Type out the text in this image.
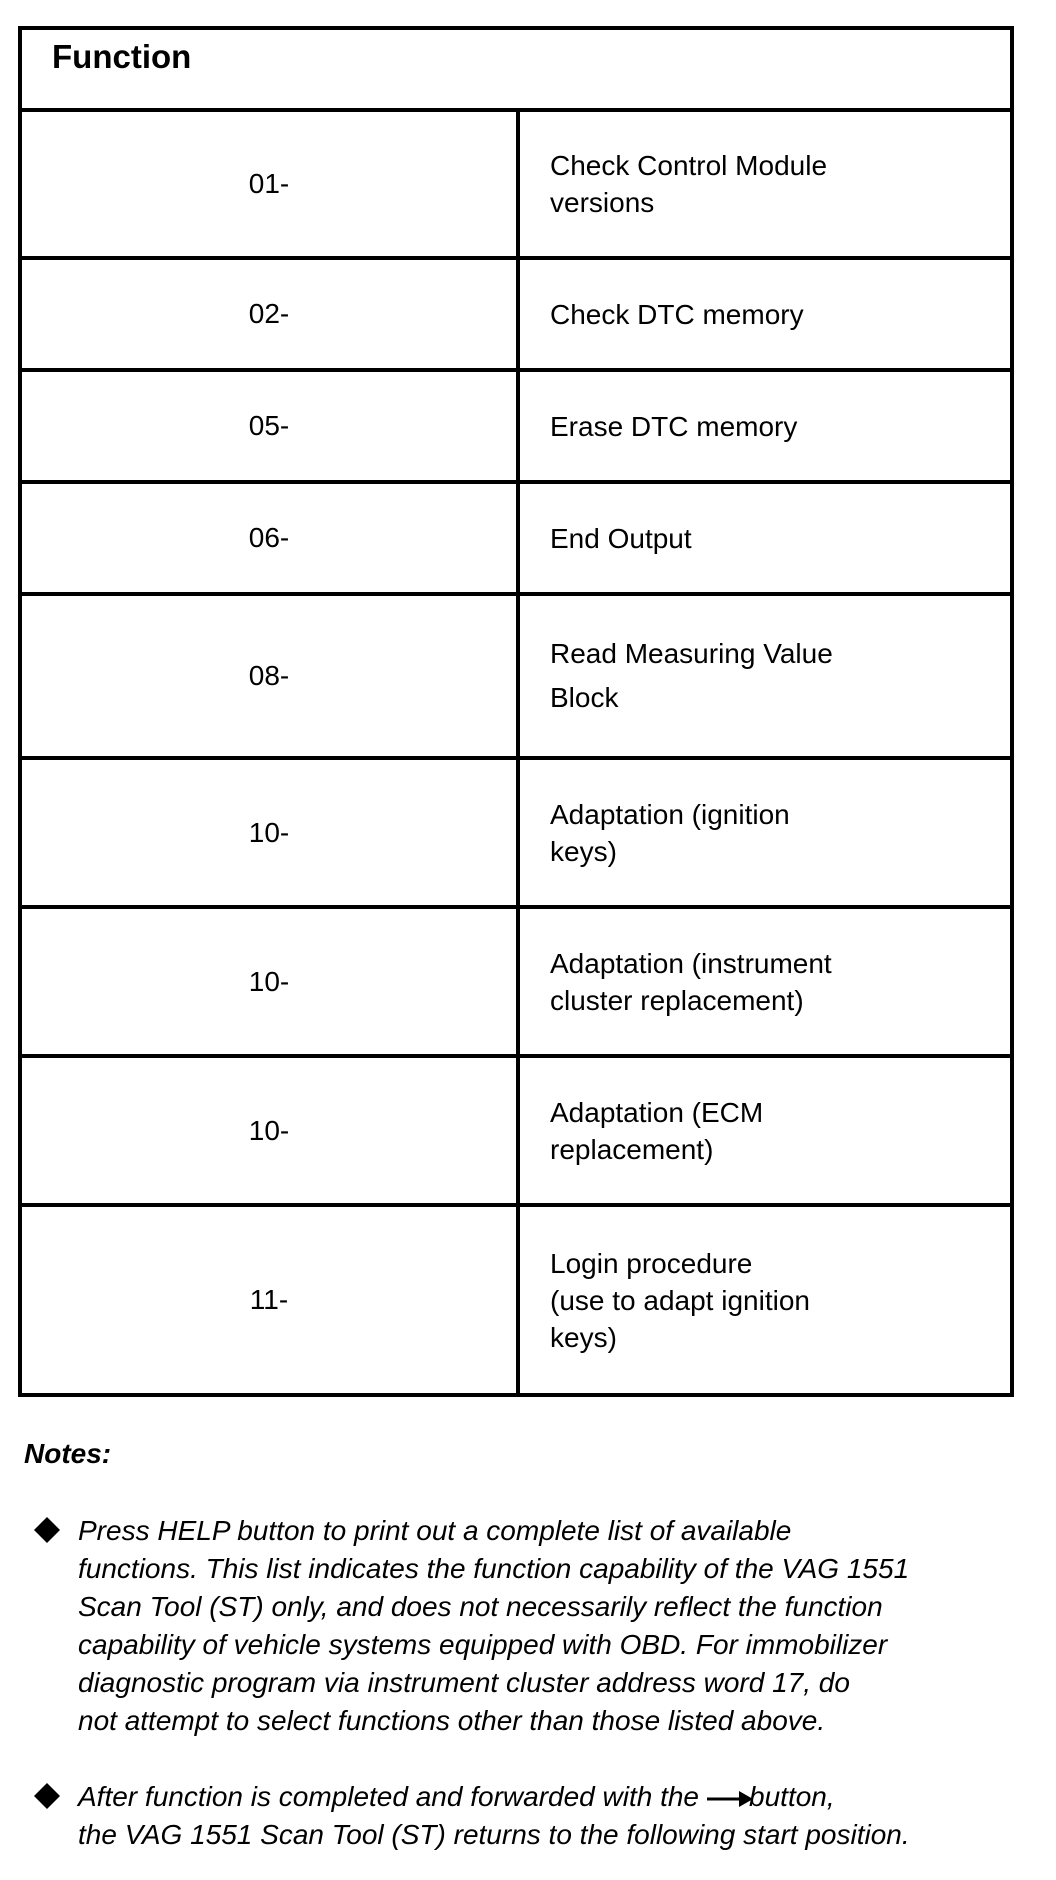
Function	

01-	Check Control Module
versions
02-	Check DTC memory
05-	Erase DTC memory
06-	End Output
08-	Read Measuring Value
Block
10-	Adaptation (ignition
keys)
10-	Adaptation (instrument
cluster replacement)
10-	Adaptation (ECM
replacement)
11-	Login procedure
(use to adapt ignition
keys)
Notes:
Press HELP button to print out a complete list of available
functions. This list indicates the function capability of the VAG 1551
Scan Tool (ST) only, and does not necessarily reflect the function
capability of vehicle systems equipped with OBD. For immobilizer
diagnostic program via instrument cluster address word 17, do
not attempt to select functions other than those listed above.
After function is completed and forwarded with the button,
the VAG 1551 Scan Tool (ST) returns to the following start position.
